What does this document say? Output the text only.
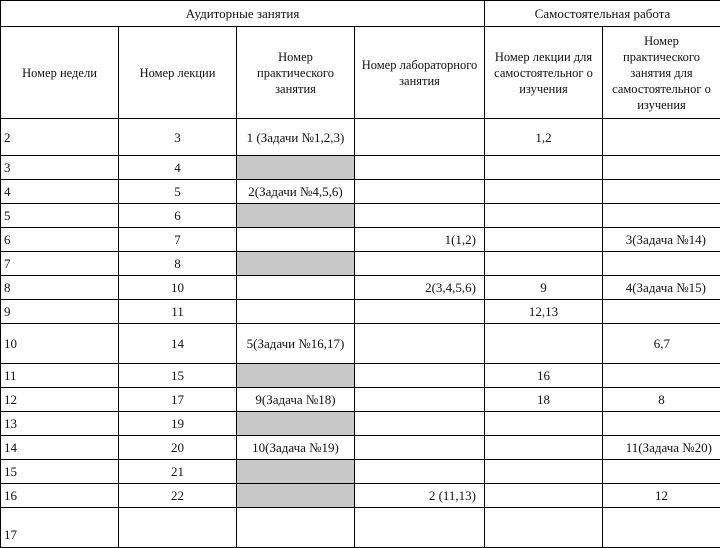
Аудиторные занятия				Самостоятельная работа	
Номер недели	Номер лекции	Номер практического занятия	Номер лабораторного занятия	Номер лекции для самостоятельног о изучения	Номер практического занятия для самостоятельног о изучения
2	3	1 (Задачи №1,2,3)		1,2	
3	4				
4	5	2(Задачи №4,5,6)			
5	6				
6	7		1(1,2)		3(Задача №14)
7	8				
8	10		2(3,4,5,6)	9	4(Задача №15)
9	11			12,13	
10	14	5(Задачи №16,17)			6,7
11	15			16	
12	17	9(Задача №18)		18	8
13	19				
14	20	10(Задача №19)			11(Задача №20)
15	21				
16	22		2 (11,13)		12
17					
